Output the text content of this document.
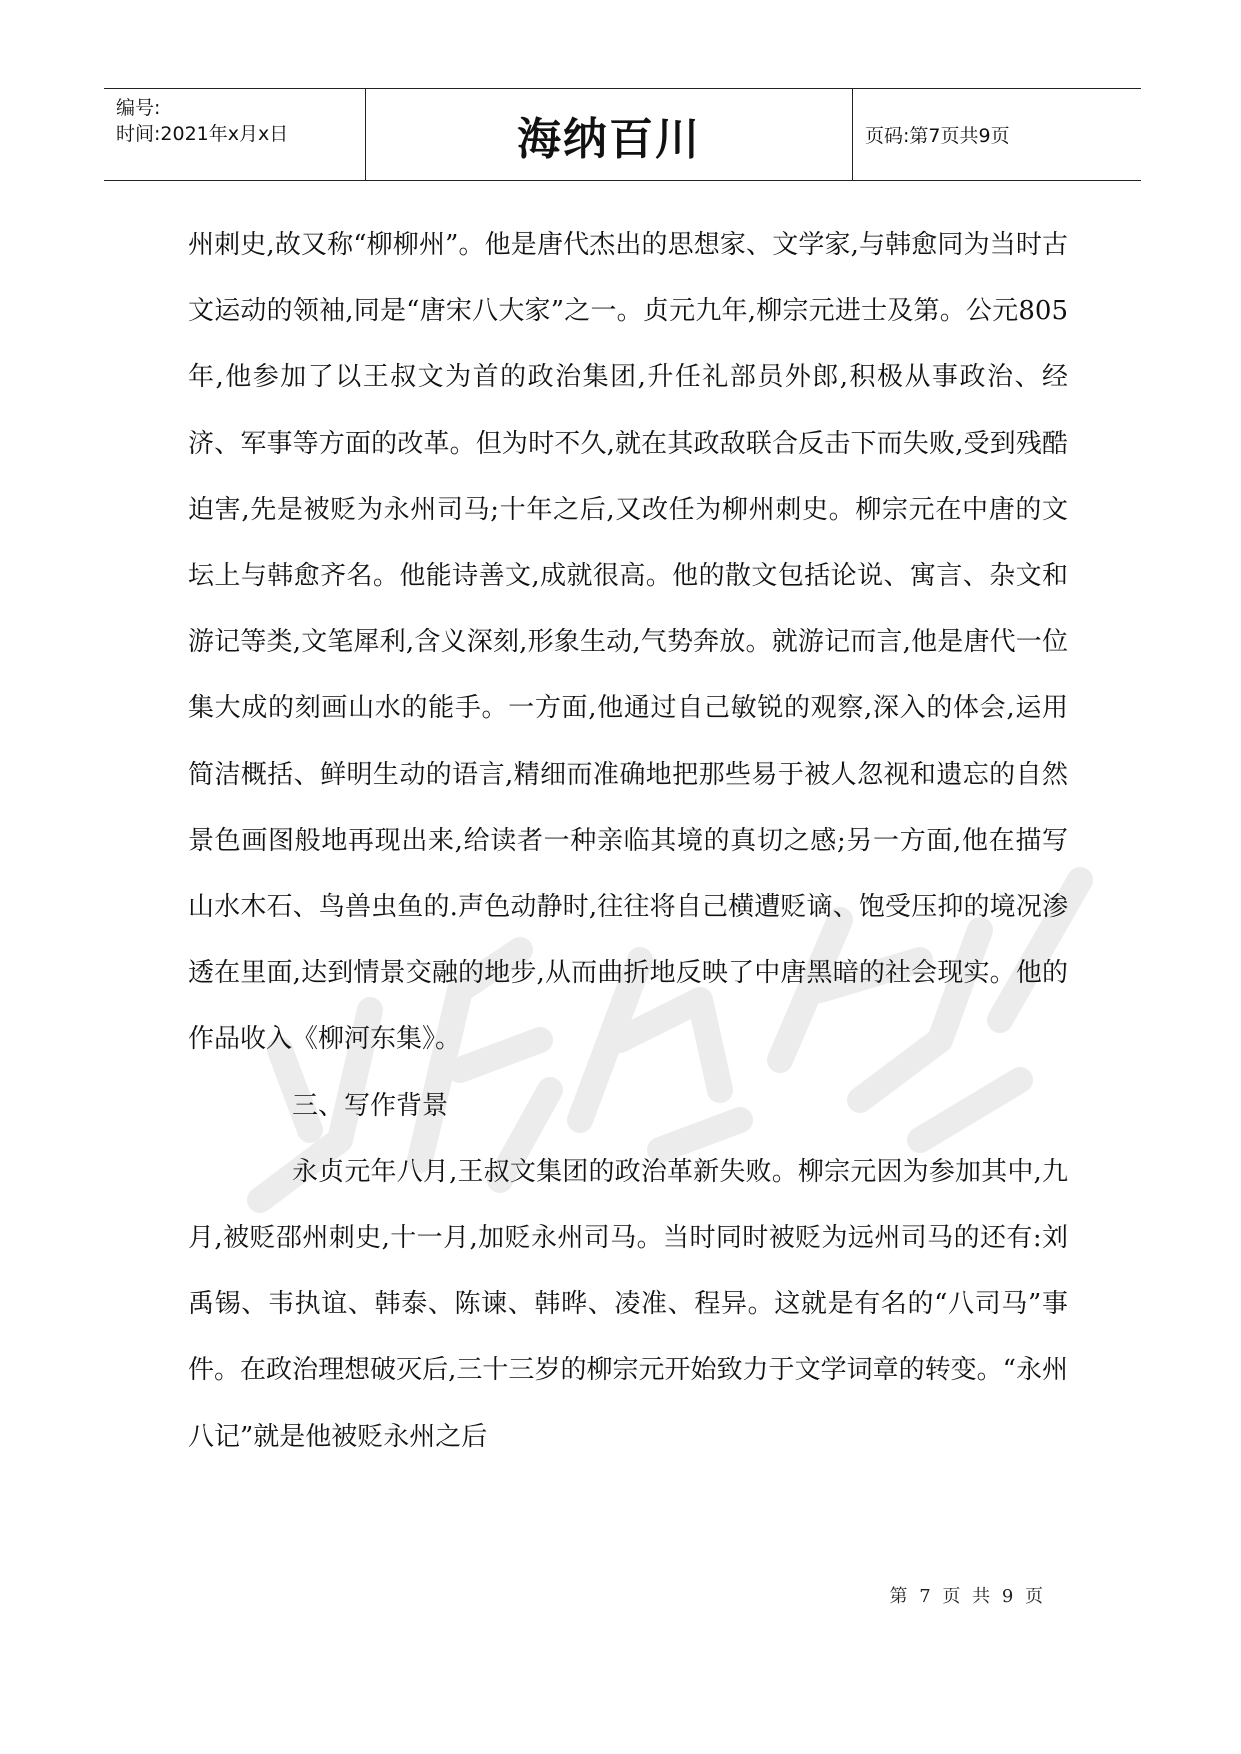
编号:
时间:2021年x月x日	海纳百川	页码:第7页共9页

州刺史,故又称“柳柳州”。他是唐代杰出的思想家、文学家,与韩愈同为当时古文运动的领袖,同是“唐宋八大家”之一。贞元九年,柳宗元进士及第。公元805年,他参加了以王叔文为首的政治集团,升任礼部员外郎,积极从事政治、经济、军事等方面的改革。但为时不久,就在其政敌联合反击下而失败,受到残酷迫害,先是被贬为永州司马;十年之后,又改任为柳州刺史。柳宗元在中唐的文坛上与韩愈齐名。他能诗善文,成就很高。他的散文包括论说、寓言、杂文和游记等类,文笔犀利,含义深刻,形象生动,气势奔放。就游记而言,他是唐代一位集大成的刻画山水的能手。一方面,他通过自己敏锐的观察,深入的体会,运用简洁概括、鲜明生动的语言,精细而准确地把那些易于被人忽视和遗忘的自然景色画图般地再现出来,给读者一种亲临其境的真切之感;另一方面,他在描写山水木石、鸟兽虫鱼的.声色动静时,往往将自己横遭贬谪、饱受压抑的境况渗透在里面,达到情景交融的地步,从而曲折地反映了中唐黑暗的社会现实。他的作品收入《柳河东集》。

三、写作背景

永贞元年八月,王叔文集团的政治革新失败。柳宗元因为参加其中,九月,被贬邵州刺史,十一月,加贬永州司马。当时同时被贬为远州司马的还有:刘禹锡、韦执谊、韩泰、陈谏、韩晔、凌准、程异。这就是有名的“八司马”事件。在政治理想破灭后,三十三岁的柳宗元开始致力于文学词章的转变。“永州八记”就是他被贬永州之后

第 7 页 共 9 页
